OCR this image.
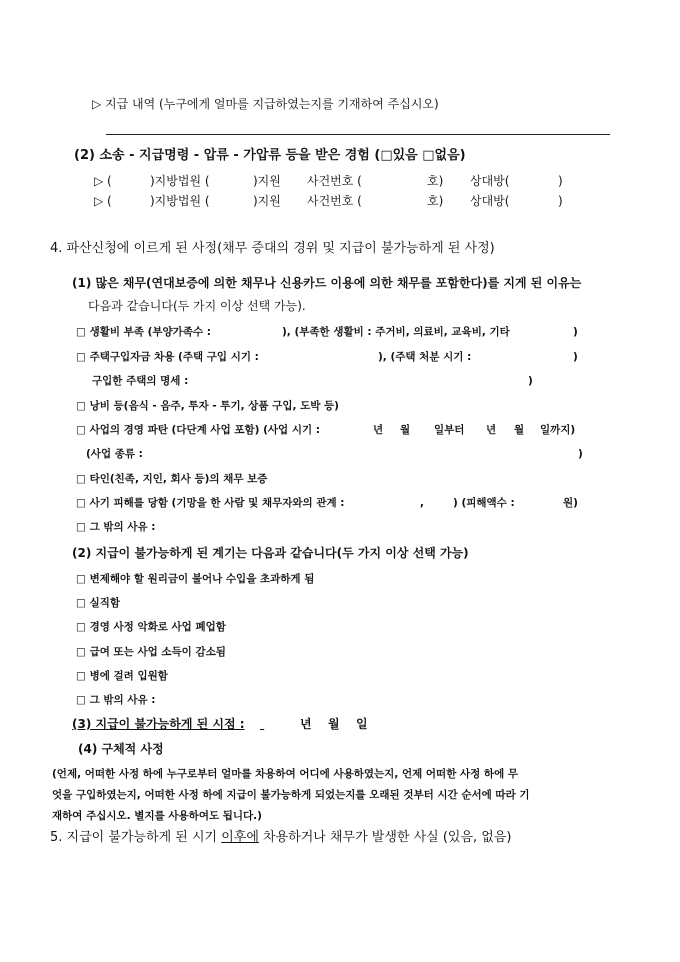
▷ 지급 내역 (누구에게 얼마를 지급하였는지를 기재하여 주십시오)
(2) 소송 - 지급명령 - 압류 - 가압류 등을 받은 경험 (□있음 □없음)
▷ (	)지방법원 (	)지원 사건번호 (	호) 상대방(	)
▷ (	)지방법원 (	)지원 사건번호 (	호) 상대방(	)
4. 파산신청에 이르게 된 사정(채무 증대의 경위 및 지급이 불가능하게 된 사정)
(1) 많은 채무(연대보증에 의한 채무나 신용카드 이용에 의한 채무를 포함한다)를 지게 된 이유는
다음과 같습니다(두 가지 이상 선택 가능).
□ 생활비 부족 (부양가족수 :	), (부족한 생활비 : 주거비, 의료비, 교육비, 기타	)
□ 주택구입자금 차용 (주택 구입 시기 :	), (주택 처분 시기 :	)
구입한 주택의 명세 :	)
□ 낭비 등(음식 - 음주, 투자 - 투기, 상품 구입, 도박 등)
□ 사업의 경영 파탄 (다단계 사업 포함) (사업 시기 :	년 월 일부터 년 월 일까지)
(사업 종류 :	)
□ 타인(친족, 지인, 회사 등)의 채무 보증
□ 사기 피해를 당함 (기망을 한 사람 및 채무자와의 관계 :	,	) (피해액수 :	원)
□ 그 밖의 사유 :
(2) 지급이 불가능하게 된 계기는 다음과 같습니다(두 가지 이상 선택 가능)
□ 변제해야 할 원리금이 불어나 수입을 초과하게 됨
□ 실직함
□ 경영 사정 악화로 사업 폐업함
□ 급여 또는 사업 소득이 감소됨
□ 병에 걸려 입원함
□ 그 밖의 사유 :
(3) 지급이 불가능하게 된 시점 :	년 월 일

(4) 구체적 사정
(언제, 어떠한 사정 하에 누구로부터 얼마를 차용하여 어디에 사용하였는지, 언제 어떠한 사정 하에 무
엇을 구입하였는지, 어떠한 사정 하에 지급이 불가능하게 되었는지를 오래된 것부터 시간 순서에 따라 기
재하여 주십시오. 별지를 사용하여도 됩니다.)
5. 지급이 불가능하게 된 시기 이후에 차용하거나 채무가 발생한 사실 (있음, 없음)
